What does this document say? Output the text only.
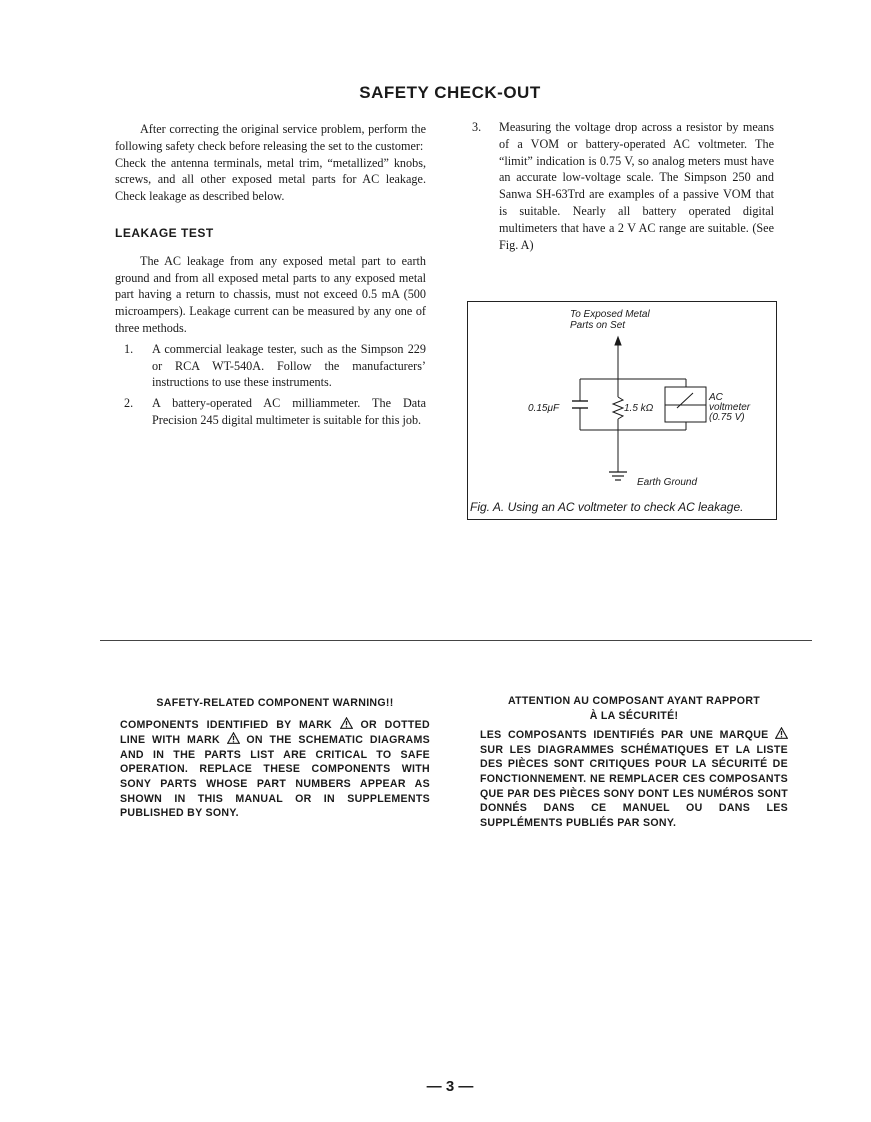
SAFETY CHECK-OUT

After correcting the original service problem, perform the following safety check before releasing the set to the customer:

Check the antenna terminals, metal trim, “metallized” knobs, screws, and all other exposed metal parts for AC leakage. Check leakage as described below.

LEAKAGE TEST

The AC leakage from any exposed metal part to earth ground and from all exposed metal parts to any exposed metal part having a return to chassis, must not exceed 0.5 mA (500 microampers). Leakage current can be measured by any one of three methods.

1.	A commercial leakage tester, such as the Simpson 229 or RCA WT-540A. Follow the manufacturers’ instructions to use these instruments.
2.	A battery-operated AC milliammeter. The Data Precision 245 digital multimeter is suitable for this job.
3.	Measuring the voltage drop across a resistor by means of a VOM or battery-operated AC voltmeter. The “limit” indication is 0.75 V, so analog meters must have an accurate low-voltage scale. The Simpson 250 and Sanwa SH-63Trd are examples of a passive VOM that is suitable. Nearly all battery operated digital multimeters that have a 2 V AC range are suitable. (See Fig. A)
To Exposed Metal
Parts on Set
0.15μF	1.5 kΩ
AC
voltmeter
(0.75 V)
Earth Ground
Fig. A. Using an AC voltmeter to check AC leakage.
SAFETY-RELATED COMPONENT WARNING!!
COMPONENTS IDENTIFIED BY MARK	OR DOTTED LINE WITH MARK ON THE SCHEMATIC DIAGRAMS AND IN THE PARTS LIST ARE CRITICAL TO SAFE OPERATION. REPLACE THESE COMPONENTS WITH SONY PARTS WHOSE PART NUMBERS APPEAR AS SHOWN IN THIS MANUAL OR IN SUPPLEMENTS PUBLISHED BY SONY.
ATTENTION AU COMPOSANT AYANT RAPPORT
À LA SÉCURITÉ!
LES COMPOSANTS IDENTIFIÉS PAR UNE MARQUE  SUR LES DIAGRAMMES SCHÉMATIQUES ET LA LISTE DES PIÈCES SONT CRITIQUES POUR LA SÉCURITÉ DE FONCTIONNEMENT. NE REMPLACER CES COMPOSANTS QUE PAR DES PIÈCES SONY DONT LES NUMÉROS SONT DONNÉS DANS CE MANUEL OU DANS LES SUPPLÉMENTS PUBLIÉS PAR SONY.
— 3 —
